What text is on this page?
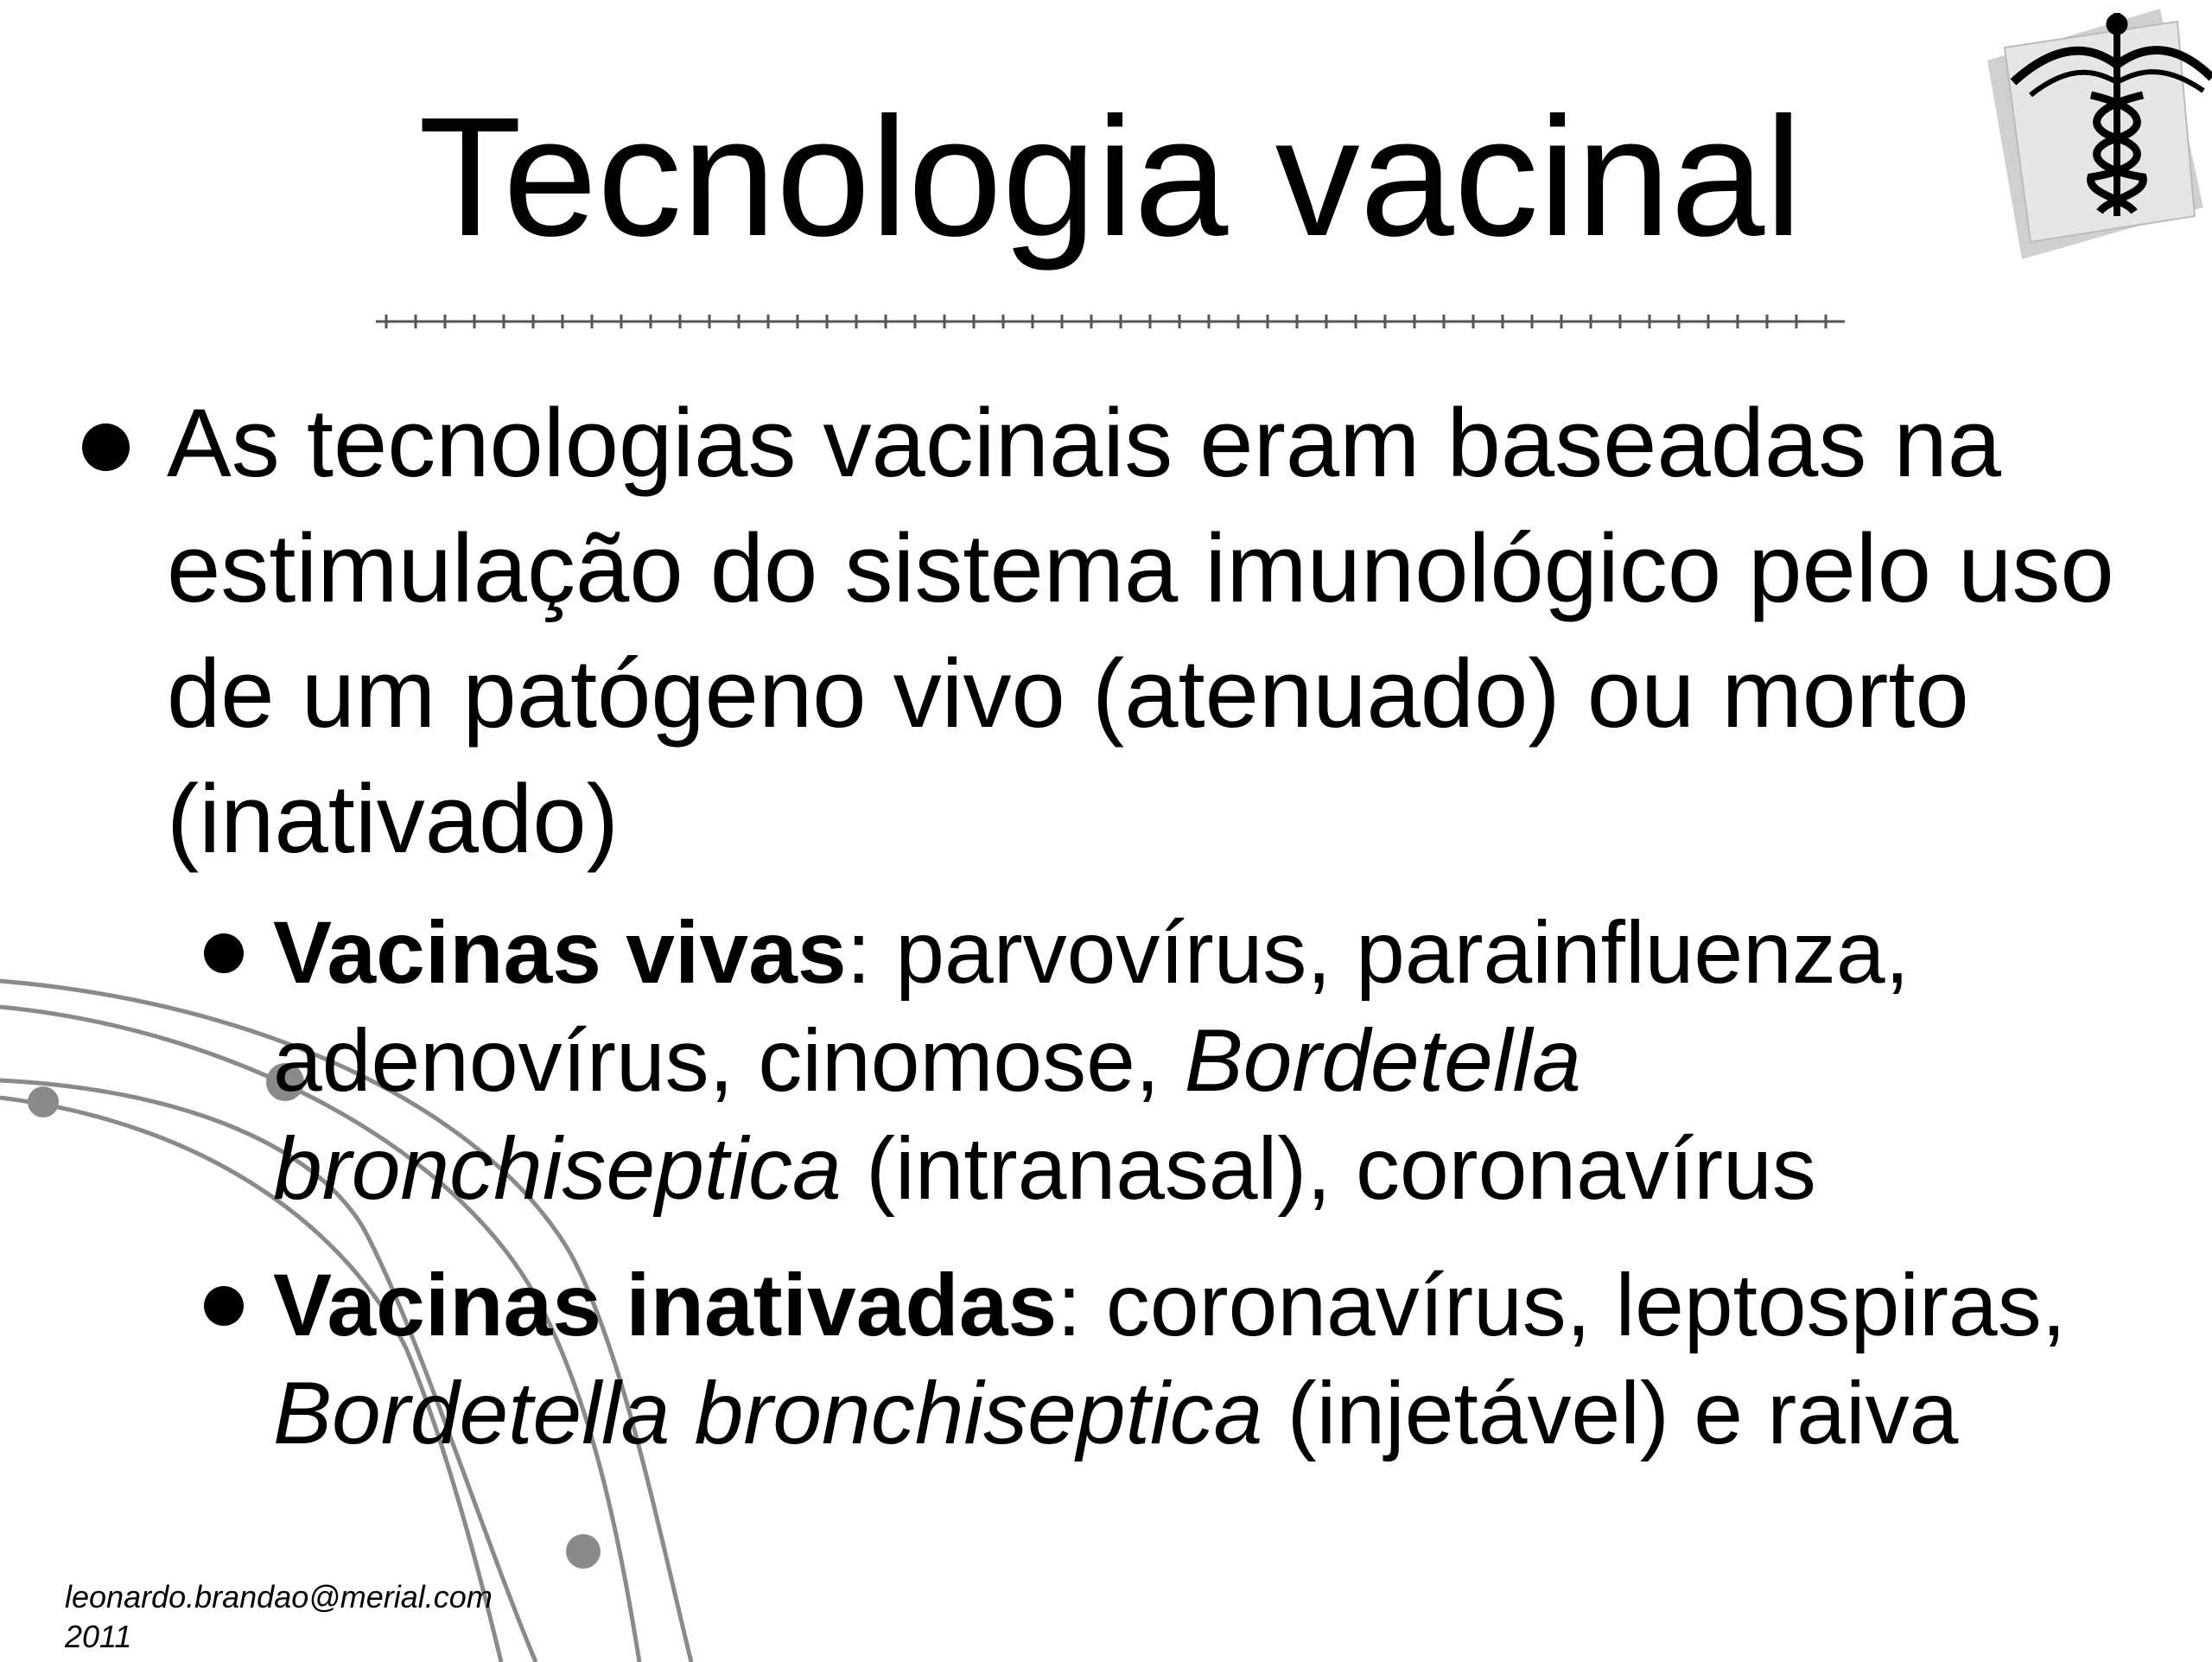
Tecnologia vacinal
As tecnologias vacinais eram baseadas na estimulação do sistema imunológico pelo uso de um patógeno vivo (atenuado) ou morto (inativado)
Vacinas vivas: parvovírus, parainfluenza, adenovírus, cinomose, Bordetella bronchiseptica (intranasal), coronavírus
Vacinas inativadas: coronavírus, leptospiras, Bordetella bronchiseptica (injetável) e raiva
leonardo.brandao@merial.com
2011
